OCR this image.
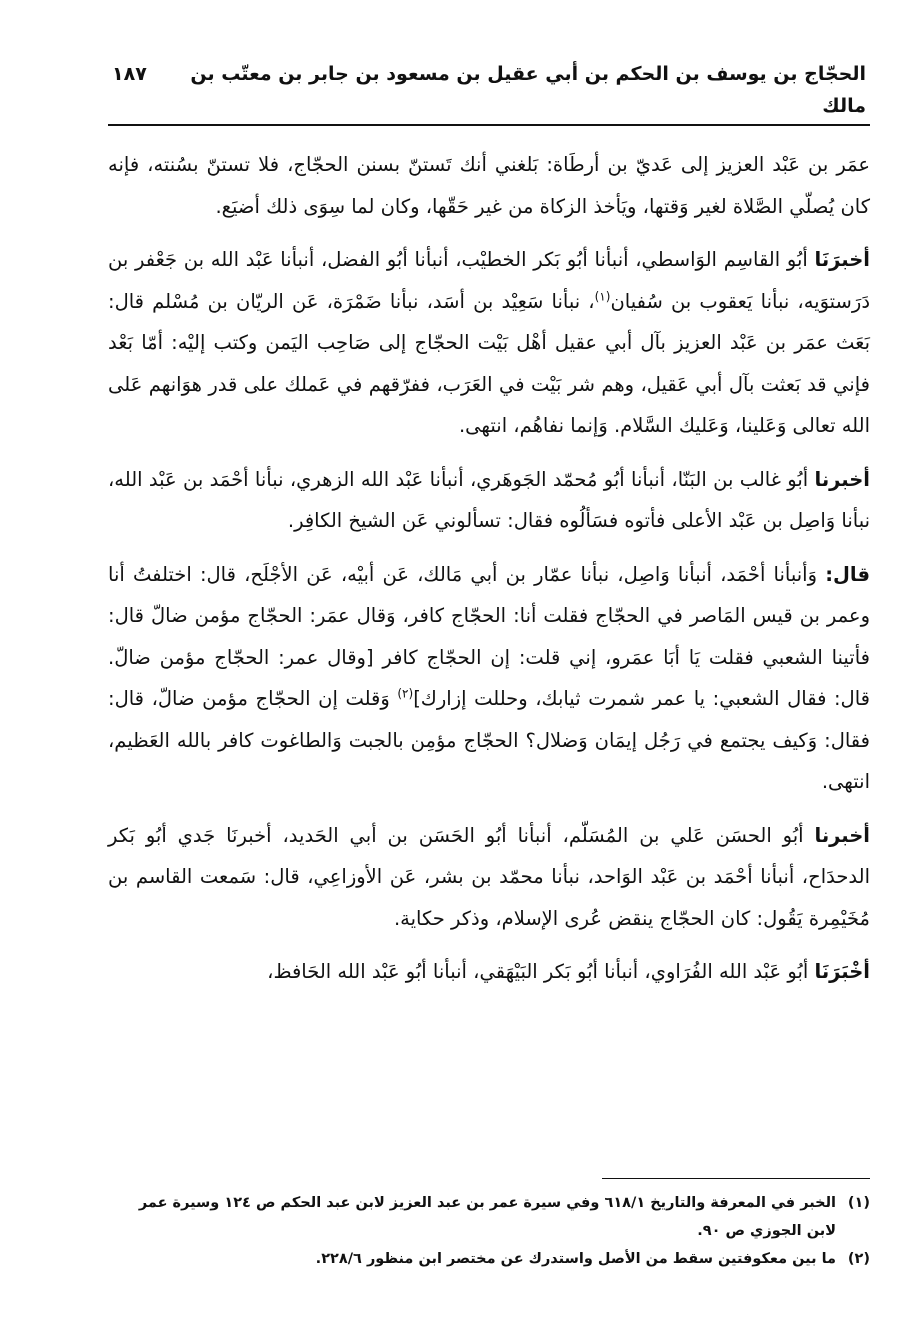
الحجّاج بن يوسف بن الحكم بن أبي عقيل بن مسعود بن جابر بن معتّب بن مالك
١٨٧

عمَر بن عَبْد العزيز إلى عَديّ بن أرطَاة: بَلغني أنك تَستنّ بسنن الحجّاج، فلا تستنّ بسُنته، فإنه كان يُصلّي الصَّلاة لغير وَقتها، ويَأخذ الزكاة من غير حَقّها، وكان لما سِوَى ذلك أضيَع.

أخبرَنَا أبُو القاسِم الوَاسطي، أنبأنا أبُو بَكر الخطيْب، أنبأنا أبُو الفضل، أنبأنا عَبْد الله بن جَعْفر بن دَرَستوَيه، نبأنا يَعقوب بن سُفيان$^{(١)}$، نبأنا سَعِيْد بن أسَد، نبأنا ضَمْرَة، عَن الريّان بن مُسْلم قال: بَعَث عمَر بن عَبْد العزيز بآل أبي عقيل أهْل بَيْت الحجّاج إلى صَاحِب اليَمن وكتب إليْه: أمّا بَعْد فإني قد بَعثت بآل أبي عَقيل، وهم شر بَيْت في العَرَب، ففرّقهم في عَملك على قدر هوَانهم عَلى الله تعالى وَعَلينا، وَعَليك السَّلام. وَإنما نفاهُم، انتهى.

أخبرنا أبُو غالب بن البَنّا، أنبأنا أبُو مُحمّد الجَوهَري، أنبأنا عَبْد الله الزهري، نبأنا أحْمَد بن عَبْد الله، نبأنا وَاصِل بن عَبْد الأعلى فأتوه فسَألُوه فقال: تسألوني عَن الشيخ الكافِر.

قال: وَأنبأنا أحْمَد، أنبأنا وَاصِل، نبأنا عمّار بن أبي مَالك، عَن أبيْه، عَن الأجْلَح، قال: اختلفتُ أنا وعمر بن قيس المَاصر في الحجّاج فقلت أنا: الحجّاج كافر، وَقال عمَر: الحجّاج مؤمن ضالّ قال: فأتينا الشعبي فقلت يَا أبَا عمَرو، إني قلت: إن الحجّاج كافر [وقال عمر: الحجّاج مؤمن ضالّ. قال: فقال الشعبي: يا عمر شمرت ثيابك، وحللت إزارك]$^{(٢)}$ وَقلت إن الحجّاج مؤمن ضالّ، قال: فقال: وَكيف يجتمع في رَجُل إيمَان وَضلال؟ الحجّاج مؤمِن بالجبت وَالطاغوت كافر بالله العَظيم، انتهى.

أخبرنا أبُو الحسَن عَلي بن المُسَلّم، أنبأنا أبُو الحَسَن بن أبي الحَديد، أخبرنَا جَدي أبُو بَكر الدحدَاح، أنبأنا أحْمَد بن عَبْد الوَاحد، نبأنا محمّد بن بشر، عَن الأوزاعِي، قال: سَمعت القاسم بن مُخَيْمِرة يَقُول: كان الحجّاج ينقض عُرى الإسلام، وذكر حكاية.

أخْبَرَنَا أبُو عَبْد الله الفُرَاوي، أنبأنا أبُو بَكر البَيْهَقي، أنبأنا أبُو عَبْد الله الحَافظ،

(١)
الخبر في المعرفة والتاريخ ٦١٨/١ وفي سيرة عمر بن عبد العزيز لابن عبد الحكم ص ١٢٤ وسيرة عمر لابن الجوزي ص ٩٠.
(٢)
ما بين معكوفتين سقط من الأصل واستدرك عن مختصر ابن منظور ٢٢٨/٦.
